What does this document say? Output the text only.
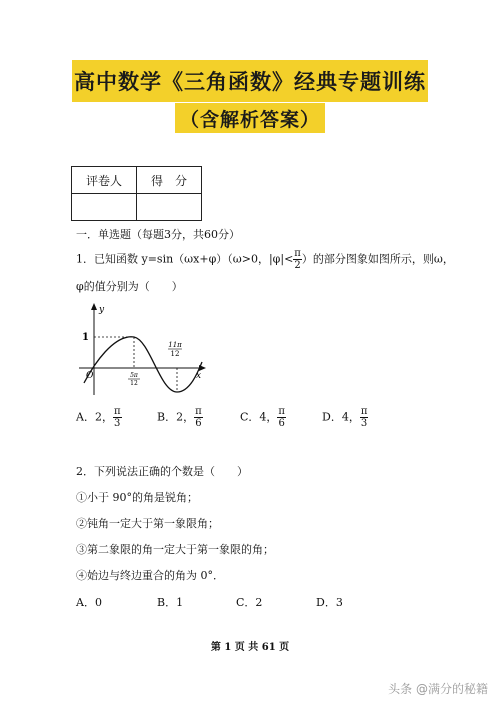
高中数学《三角函数》经典专题训练
（含解析答案）
评卷人	得　分

一．单选题（每题3分，共60分）
1．已知函数 y=sin（ωx+φ）（ω>0，$|\varphi|< \frac{\pi}{2}$ ）的部分图象如图所示，则ω，
φ的值分别为（　　）
y
x
O
1
11π
12
5π
12
A．2， $\frac{\pi}{3}$	B．2， $\frac{\pi}{6}$	C．4， $\frac{\pi}{6}$	D．4， $\frac{\pi}{3}$
2．下列说法正确的个数是（　　）
①小于 90°的角是锐角；
②钝角一定大于第一象限角；
③第二象限的角一定大于第一象限的角；
④始边与终边重合的角为 0°．
A．0	B．1	C．2	D．3
第 1 页 共 61 页
头条 @满分的秘籍
